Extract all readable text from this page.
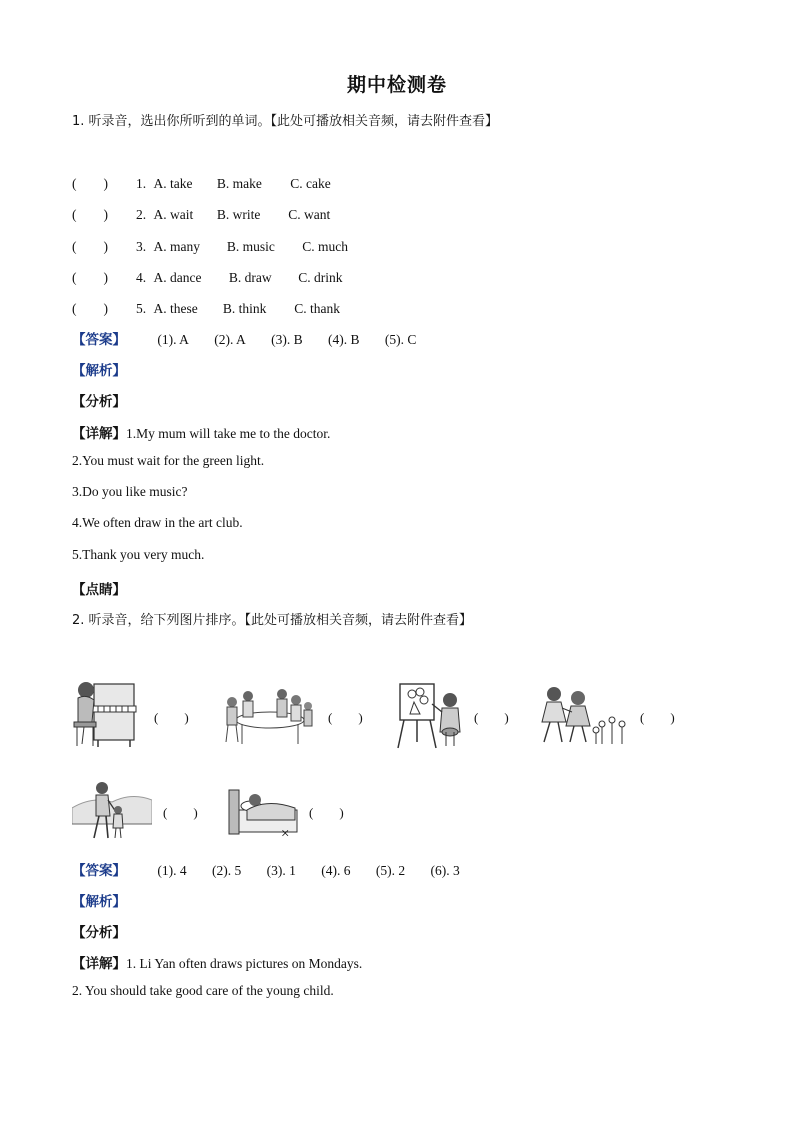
期中检测卷
1. 听录音，选出你所听到的单词。【此处可播放相关音频，请去附件查看】
(　　) 1. A. take B. make C. cake
(　　) 2. A. wait B. write C. want
(　　) 3. A. many B. music C. much
(　　) 4. A. dance B. draw C. drink
(　　) 5. A. these B. think C. thank
【答案】 (1). A (2). A (3). B (4). B (5). C
【解析】
【分析】
【详解】1.My mum will take me to the doctor.
2.You must wait for the green light.
3.Do you like music?
4.We often draw in the art club.
5.Thank you very much.
【点睛】
2. 听录音，给下列图片排序。【此处可播放相关音频，请去附件查看】
(　　)	(　　)	(　　)	(　　)
(　　)
×
(　　)
【答案】 (1). 4 (2). 5 (3). 1 (4). 6 (5). 2 (6). 3
【解析】
【分析】
【详解】1. Li Yan often draws pictures on Mondays.
2. You should take good care of the young child.
